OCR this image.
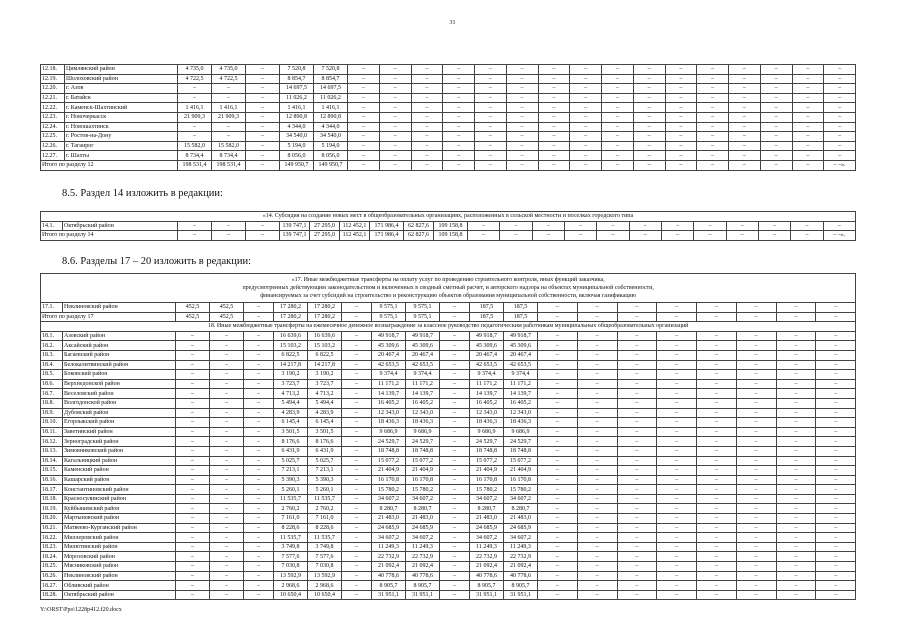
31
12.18.	Цимлянский район	4 735,0	4 735,0	–	7 520,8	7 520,8	–	–	–	–	–	–	–	–	–	–	–	–	–	–	–	–
12.19.	Шолоховский район	4 722,5	4 722,5	–	8 854,7	8 854,7	–	–	–	–	–	–	–	–	–	–	–	–	–	–	–	–
12.20.	г. Азов	–	–	–	14 697,5	14 697,5	–	–	–	–	–	–	–	–	–	–	–	–	–	–	–	–
12.21.	г. Батайск	–	–	–	11 026,2	11 026,2	–	–	–	–	–	–	–	–	–	–	–	–	–	–	–	–
12.22.	г. Каменск-Шахтинский	1 416,1	1 416,1	–	1 416,1	1 416,1	–	–	–	–	–	–	–	–	–	–	–	–	–	–	–	–
12.23.	г. Новочеркасск	21 909,3	21 909,3	–	12 890,8	12 890,8	–	–	–	–	–	–	–	–	–	–	–	–	–	–	–	–
12.24.	г. Новошахтинск	–	–	–	4 344,0	4 344,0	–	–	–	–	–	–	–	–	–	–	–	–	–	–	–	–
12.25.	г. Ростов-на-Дону	–	–	–	34 540,0	34 540,0	–	–	–	–	–	–	–	–	–	–	–	–	–	–	–	–
12.26.	г. Таганрог	15 582,0	15 582,0	–	5 194,0	5 194,0	–	–	–	–	–	–	–	–	–	–	–	–	–	–	–	–
12.27.	г. Шахты	8 734,4	8 734,4	–	8 056,0	8 056,0	–	–	–	–	–	–	–	–	–	–	–	–	–	–	–	–
Итого по разделу 12		198 531,4	198 531,4	–	149 950,7	149 950,7	–	–	–	–	–	–	–	–	–	–	–	–	–	–	–	– –».
8.5. Раздел 14 изложить в редакции:
«14. Субсидия на создание новых мест в общеобразовательных организациях, расположенных в сельской местности и поселках городского типа																						
14.1.	Октябрьский район	–	–	–	139 747,1	27 295,0	112 452,1	171 986,4	62 827,6	109 158,8	–	–	–	–	–	–	–	–	–	–	–	–
Итого по разделу 14		–	–	–	139 747,1	27 295,0	112 452,1	171 986,4	62 827,6	109 158,8	–	–	–	–	–	–	–	–	–	–	–	– –».
8.6. Разделы 17 – 20 изложить в редакции:
«17. Иные межбюджетные трансферты на оплату услуг по проведению строительного контроля, иных функций заказчика,
предусмотренных действующим законодательством и включенных в сводный сметный расчет, и авторского надзора на объектах муниципальной собственности,
финансируемых за счет субсидий на строительство и реконструкцию объектов образования муниципальной собственности, включая газификацию																				

17.1.	Неклиновский район	452,5	452,5	–	17 280,2	17 280,2	–	9 575,1	9 575,1	–	187,5	187,5	–	–	–	–	–	–	–	–
Итого по разделу 17		452,5	452,5	–	17 280,2	17 280,2	–	9 575,1	9 575,1	–	187,5	187,5	–	–	–	–	–	–	–	–
18. Иные межбюджетные трансферты на ежемесячное денежное вознаграждение за классное руководство педагогическим работникам муниципальных общеобразовательных организаций																				
18.1.	Азовский район	–	–	–	16 639,6	16 639,6	–	49 918,7	49 918,7	–	49 918,7	49 918,7	–	–	–	–	–	–	–	–
18.2.	Аксайский район	–	–	–	15 103,2	15 103,2	–	45 309,6	45 309,6	–	45 309,6	45 309,6	–	–	–	–	–	–	–	–
18.3.	Багаевский район	–	–	–	6 822,5	6 822,5	–	20 467,4	20 467,4	–	20 467,4	20 467,4	–	–	–	–	–	–	–	–
18.4.	Белокалитвинский район	–	–	–	14 217,8	14 217,8	–	42 653,5	42 653,5	–	42 653,5	42 653,5	–	–	–	–	–	–	–	–
18.5.	Боковский район	–	–	–	3 190,2	3 190,2	–	9 374,4	9 374,4	–	9 374,4	9 374,4	–	–	–	–	–	–	–	–
18.6.	Верхнедонской район	–	–	–	3 723,7	3 723,7	–	11 171,2	11 171,2	–	11 171,2	11 171,2	–	–	–	–	–	–	–	–
18.7.	Веселовский район	–	–	–	4 713,2	4 713,2	–	14 139,7	14 139,7	–	14 139,7	14 139,7	–	–	–	–	–	–	–	–
18.8.	Волгодонской район	–	–	–	5 494,4	5 494,4	–	16 405,2	16 405,2	–	16 405,2	16 405,2	–	–	–	–	–	–	–	–
18.9.	Дубовский район	–	–	–	4 283,9	4 283,9	–	12 343,0	12 343,0	–	12 343,0	12 343,0	–	–	–	–	–	–	–	–
18.10.	Егорлыкский район	–	–	–	6 145,4	6 145,4	–	18 436,3	18 436,3	–	18 436,3	18 436,3	–	–	–	–	–	–	–	–
18.11.	Заветинский район	–	–	–	3 501,5	3 501,5	–	9 686,9	9 686,9	–	9 686,9	9 686,9	–	–	–	–	–	–	–	–
18.12.	Зерноградский район	–	–	–	8 176,6	8 176,6	–	24 529,7	24 529,7	–	24 529,7	24 529,7	–	–	–	–	–	–	–	–
18.13.	Зимовниковский район	–	–	–	6 431,9	6 431,9	–	18 748,8	18 748,8	–	18 748,8	18 748,8	–	–	–	–	–	–	–	–
18.14.	Кагальницкий район	–	–	–	5 025,7	5 025,7	–	15 077,2	15 077,2	–	15 077,2	15 077,2	–	–	–	–	–	–	–	–
18.15.	Каменский район	–	–	–	7 213,1	7 213,1	–	21 404,9	21 404,9	–	21 404,9	21 404,9	–	–	–	–	–	–	–	–
18.16.	Кашарский район	–	–	–	5 390,3	5 390,3	–	16 170,8	16 170,8	–	16 170,8	16 170,8	–	–	–	–	–	–	–	–
18.17.	Константиновский район	–	–	–	5 260,1	5 260,1	–	15 780,2	15 780,2	–	15 780,2	15 780,2	–	–	–	–	–	–	–	–
18.18.	Красносулинский район	–	–	–	11 535,7	11 535,7	–	34 607,2	34 607,2	–	34 607,2	34 607,2	–	–	–	–	–	–	–	–
18.19.	Куйбышевский район	–	–	–	2 760,2	2 760,2	–	8 280,7	8 280,7	–	8 280,7	8 280,7	–	–	–	–	–	–	–	–
18.20.	Мартыновский район	–	–	–	7 161,0	7 161,0	–	21 483,0	21 483,0	–	21 483,0	21 483,0	–	–	–	–	–	–	–	–
18.21.	Матвеево-Курганский район	–	–	–	8 228,6	8 228,6	–	24 685,9	24 685,9	–	24 685,9	24 685,9	–	–	–	–	–	–	–	–
18.22.	Миллеровский район	–	–	–	11 535,7	11 535,7	–	34 607,2	34 607,2	–	34 607,2	34 607,2	–	–	–	–	–	–	–	–
18.23.	Милютинский район	–	–	–	3 749,8	3 749,8	–	11 249,3	11 249,3	–	11 249,3	11 249,3	–	–	–	–	–	–	–	–
18.24.	Морозовский район	–	–	–	7 577,6	7 577,6	–	22 732,9	22 732,9	–	22 732,9	22 732,9	–	–	–	–	–	–	–	–
18.25.	Мясниковский район	–	–	–	7 030,8	7 030,8	–	21 092,4	21 092,4	–	21 092,4	21 092,4	–	–	–	–	–	–	–	–
18.26.	Неклиновский район	–	–	–	13 592,9	13 592,9	–	40 778,6	40 778,6	–	40 778,6	40 778,6	–	–	–	–	–	–	–	–
18.27.	Обливский район	–	–	–	2 968,6	2 968,6	–	8 905,7	8 905,7	–	8 905,7	8 905,7	–	–	–	–	–	–	–	–
18.28.	Октябрьский район	–	–	–	10 650,4	10 650,4	–	31 951,1	31 951,1	–	31 951,1	31 951,1	–	–	–	–	–	–	–	–
Y:\ORST\Ppo\1228p412.f20.docx
